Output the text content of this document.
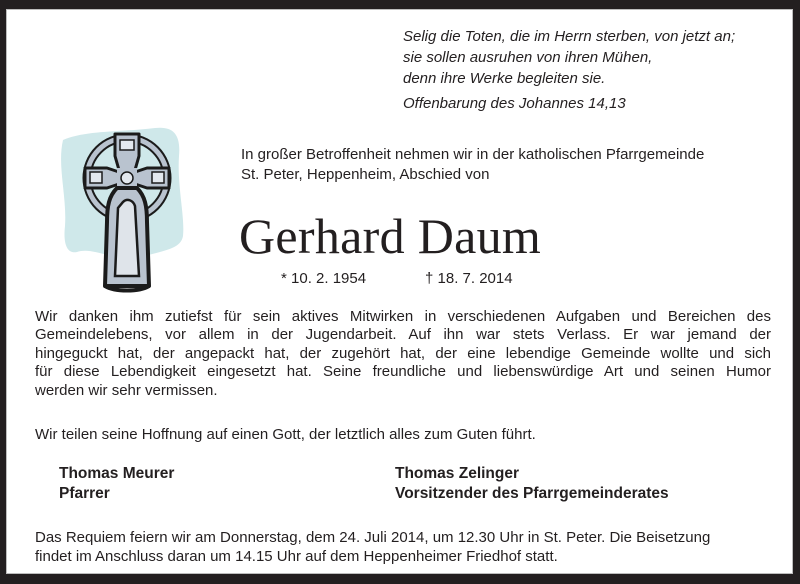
Selig die Toten, die im Herrn sterben, von jetzt an;
sie sollen ausruhen von ihren Mühen,
denn ihre Werke begleiten sie.
Offenbarung des Johannes 14,13
In großer Betroffenheit nehmen wir in der katholischen Pfarrgemeinde
St. Peter, Heppenheim, Abschied von
Gerhard Daum
* 10. 2. 1954	† 18. 7. 2014
Wir danken ihm zutiefst für sein aktives Mitwirken in verschiedenen Aufgaben und Bereichen des
Gemeindelebens, vor allem in der Jugendarbeit. Auf ihn war stets Verlass. Er war jemand der
hingeguckt hat, der angepackt hat, der zugehört hat, der eine lebendige Gemeinde wollte und sich
für diese Lebendigkeit eingesetzt hat. Seine freundliche und liebenswürdige Art und seinen Humor
werden wir sehr vermissen.
Wir teilen seine Hoffnung auf einen Gott, der letztlich alles zum Guten führt.
Thomas Meurer
Pfarrer
Thomas Zelinger
Vorsitzender des Pfarrgemeinderates
Das Requiem feiern wir am Donnerstag, dem 24. Juli 2014, um 12.30 Uhr in St. Peter. Die Beisetzung
findet im Anschluss daran um 14.15 Uhr auf dem Heppenheimer Friedhof statt.
